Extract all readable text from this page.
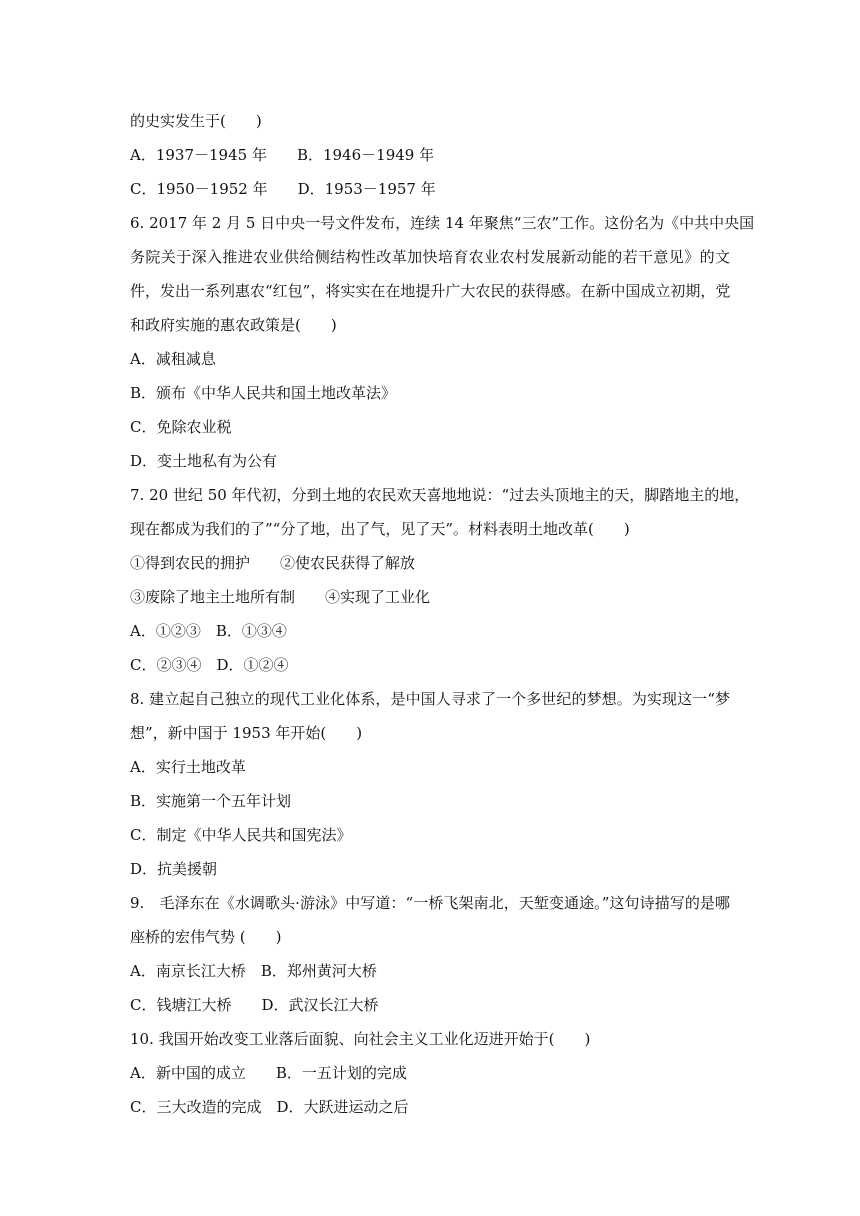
的史实发生于(　　)
A．1937－1945 年　　B．1946－1949 年
C．1950－1952 年　　D．1953－1957 年
6. 2017 年 2 月 5 日中央一号文件发布，连续 14 年聚焦“三农”工作。这份名为《中共中央国
务院关于深入推进农业供给侧结构性改革加快培育农业农村发展新动能的若干意见》的文
件，发出一系列惠农“红包”，将实实在在地提升广大农民的获得感。在新中国成立初期，党
和政府实施的惠农政策是(　　)
A．减租减息
B．颁布《中华人民共和国土地改革法》
C．免除农业税
D．变土地私有为公有
7. 20 世纪 50 年代初，分到土地的农民欢天喜地地说：“过去头顶地主的天，脚踏地主的地，
现在都成为我们的了”“分了地，出了气，见了天”。材料表明土地改革(　　)
①得到农民的拥护　　②使农民获得了解放
③废除了地主土地所有制　　④实现了工业化
A．①②③　B．①③④
C．②③④　D．①②④
8. 建立起自己独立的现代工业化体系，是中国人寻求了一个多世纪的梦想。为实现这一“梦
想”，新中国于 1953 年开始(　　)
A．实行土地改革
B．实施第一个五年计划
C．制定《中华人民共和国宪法》
D．抗美援朝
9.　毛泽东在《水调歌头·游泳》中写道：“一桥飞架南北，天堑变通途。”这句诗描写的是哪
座桥的宏伟气势 (　　)
A．南京长江大桥　B．郑州黄河大桥
C．钱塘江大桥　　D．武汉长江大桥
10. 我国开始改变工业落后面貌、向社会主义工业化迈进开始于(　　)
A．新中国的成立　　B．一五计划的完成
C．三大改造的完成　D．大跃进运动之后
